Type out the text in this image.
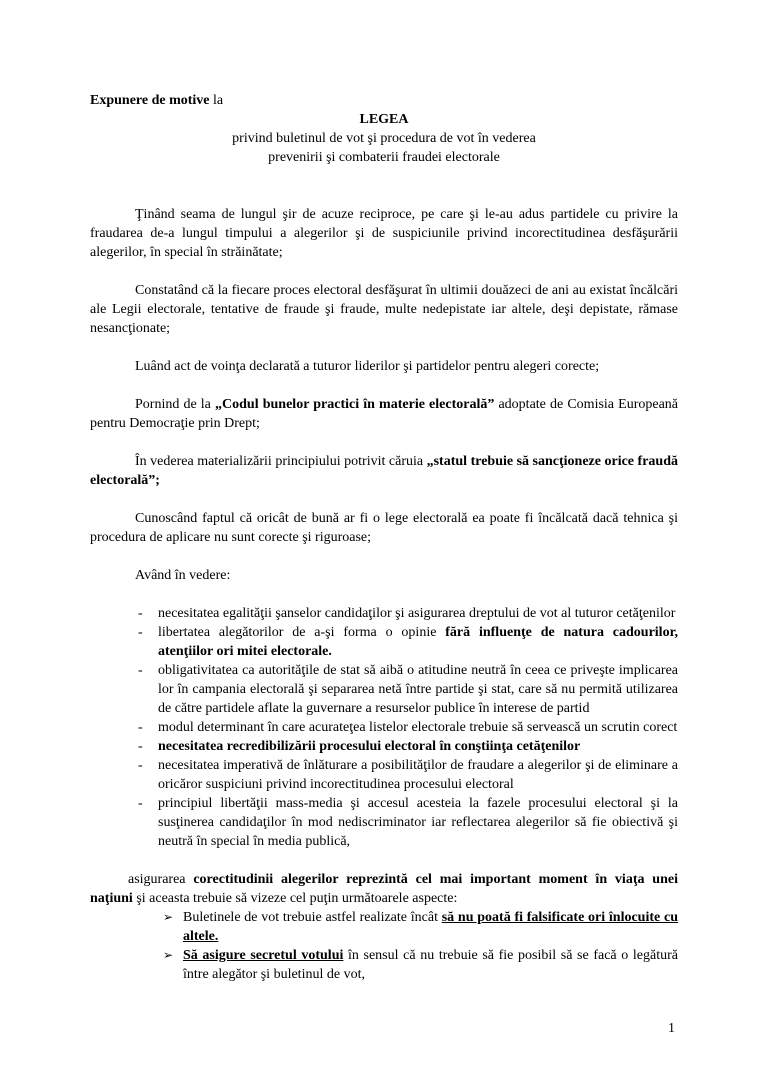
Expunere de motive la
LEGEA
privind buletinul de vot şi procedura de vot în vederea
prevenirii şi combaterii fraudei electorale
Ţinând seama de lungul şir de acuze reciproce, pe care şi le-au adus partidele cu privire la fraudarea de-a lungul timpului a alegerilor şi de suspiciunile privind incorectitudinea desfăşurării alegerilor, în special în străinătate;
Constatând că la fiecare proces electoral desfăşurat în ultimii douăzeci de ani au existat încălcări ale Legii electorale, tentative de fraude şi fraude, multe nedepistate iar altele, deşi depistate, rămase nesancţionate;
Luând act de voinţa declarată a tuturor liderilor şi partidelor pentru alegeri corecte;
Pornind de la „Codul bunelor practici în materie electorală” adoptate de Comisia Europeană pentru Democraţie prin Drept;
În vederea materializării principiului potrivit căruia „statul trebuie să sancţioneze orice fraudă electorală”;
Cunoscând faptul că oricât de bună ar fi o lege electorală ea poate fi încălcată dacă tehnica şi procedura de aplicare nu sunt corecte şi riguroase;
Având în vedere:
- necesitatea egalităţii şanselor candidaţilor şi asigurarea dreptului de vot al tuturor cetăţenilor
- libertatea alegătorilor de a-şi forma o opinie fără influenţe de natura cadourilor, atenţiilor ori mitei electorale.
- obligativitatea ca autorităţile de stat să aibă o atitudine neutră în ceea ce priveşte implicarea lor în campania electorală şi separarea netă între partide şi stat, care să nu permită utilizarea de către partidele aflate la guvernare a resurselor publice în interese de partid
- modul determinant în care acurateţea listelor electorale trebuie să servească un scrutin corect
- necesitatea recredibilizării procesului electoral în conştiinţa cetăţenilor
- necesitatea imperativă de înlăturare a posibilităţilor de fraudare a alegerilor şi de eliminare a oricăror suspiciuni privind incorectitudinea procesului electoral
- principiul libertăţii mass-media şi accesul acesteia la fazele procesului electoral şi la susţinerea candidaţilor în mod nediscriminator iar reflectarea alegerilor să fie obiectivă şi neutră în special în media publică,
asigurarea corectitudinii alegerilor reprezintă cel mai important moment în viaţa unei naţiuni şi aceasta trebuie să vizeze cel puţin următoarele aspecte:
➢ Buletinele de vot trebuie astfel realizate încât să nu poată fi falsificate ori înlocuite cu altele.
➢ Să asigure secretul votului în sensul că nu trebuie să fie posibil să se facă o legătură între alegător şi buletinul de vot,
1
